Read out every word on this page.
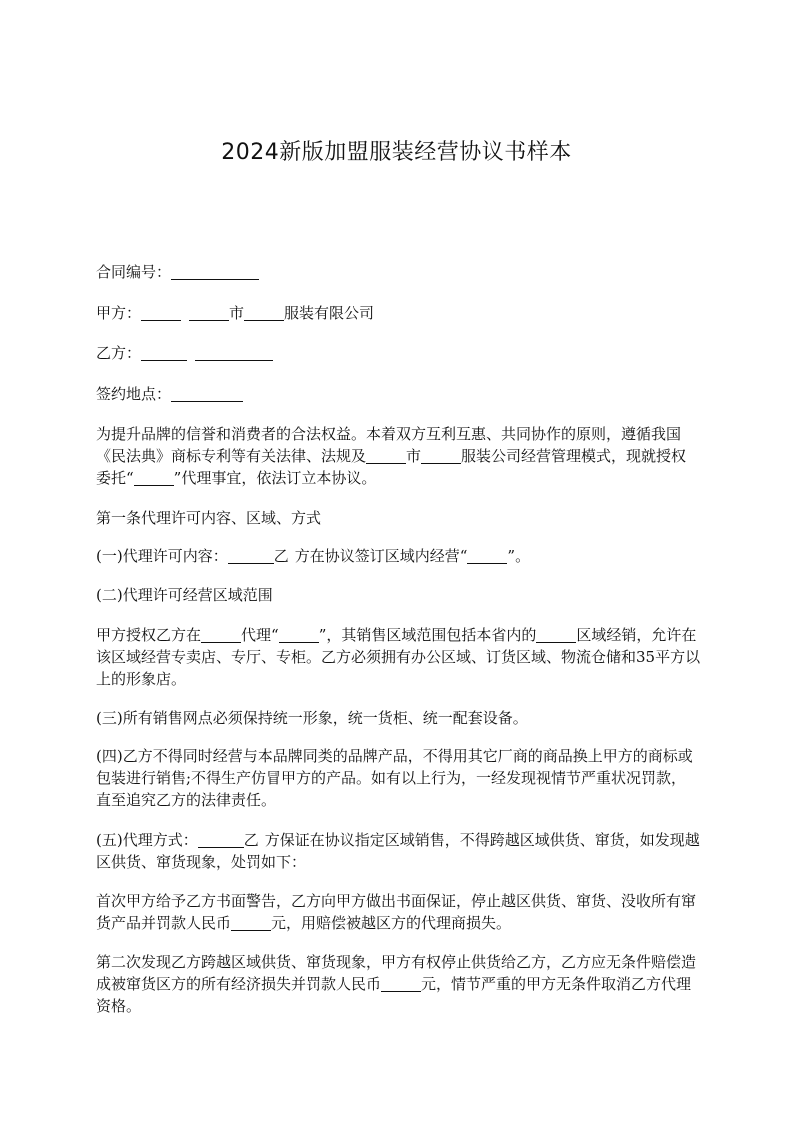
2024新版加盟服装经营协议书样本
合同编号：
甲方：	市	服装有限公司
乙方：
签约地点：
为提升品牌的信誉和消费者的合法权益。本着双方互利互惠、共同协作的原则，遵循我国《民法典》商标专利等有关法律、法规及	市	服装公司经营管理模式，现就授权委托“	”代理事宜，依法订立本协议。
第一条代理许可内容、区域、方式
(一)代理许可内容：	乙 方在协议签订区域内经营“	”。
(二)代理许可经营区域范围
甲方授权乙方在	代理“	”，其销售区域范围包括本省内的	区域经销，允许在该区域经营专卖店、专厅、专柜。乙方必须拥有办公区域、订货区域、物流仓储和35平方以上的形象店。
(三)所有销售网点必须保持统一形象，统一货柜、统一配套设备。
(四)乙方不得同时经营与本品牌同类的品牌产品，不得用其它厂商的商品换上甲方的商标或包装进行销售;不得生产仿冒甲方的产品。如有以上行为，一经发现视情节严重状况罚款，直至追究乙方的法律责任。
(五)代理方式：	乙 方保证在协议指定区域销售，不得跨越区域供货、窜货，如发现越区供货、窜货现象，处罚如下：
首次甲方给予乙方书面警告，乙方向甲方做出书面保证，停止越区供货、窜货、没收所有窜货产品并罚款人民币	元，用赔偿被越区方的代理商损失。
第二次发现乙方跨越区域供货、窜货现象，甲方有权停止供货给乙方，乙方应无条件赔偿造成被窜货区方的所有经济损失并罚款人民币	元，情节严重的甲方无条件取消乙方代理资格。
